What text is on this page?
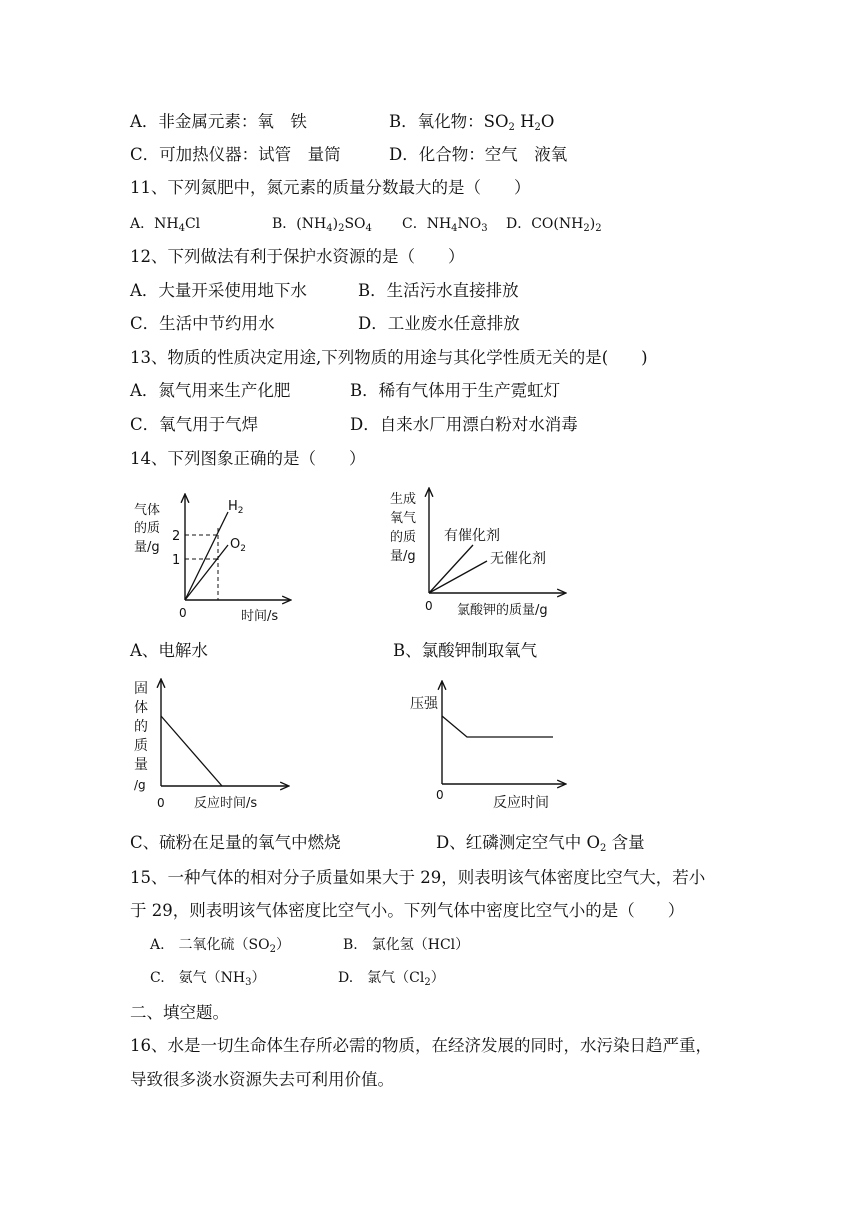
A．非金属元素：氧　铁	B．氧化物：$SO_2$ $H_2O$
C．可加热仪器：试管　量筒	D．化合物：空气　液氧
11、下列氮肥中，氮元素的质量分数最大的是（　　）
A．$NH_4Cl$	B．$(NH_4)_2SO_4$ C．$NH_4NO_3$ D．$CO(NH_2)_2$
12、下列做法有利于保护水资源的是（　　）
A．大量开采使用地下水	B．生活污水直接排放
C．生活中节约用水	D．工业废水任意排放
13、物质的性质决定用途,下列物质的用途与其化学性质无关的是(　　)
A．氮气用来生产化肥	B．稀有气体用于生产霓虹灯
C．氧气用于气焊	D．自来水厂用漂白粉对水消毒
14、下列图象正确的是（　　）
气体
的质
量/g
2
1
0	时间/s
$H_2$
$O_2$
生成
氧气
的质
量/g
有催化剂
无催化剂
0 氯酸钾的质量/g
A、电解水	B、氯酸钾制取氧气
固
体
的
质
量
/g
0 反应时间/s
压强
0	反应时间
C、硫粉在足量的氧气中燃烧	D、红磷测定空气中 $O_2$ 含量
15、一种气体的相对分子质量如果大于 29，则表明该气体密度比空气大，若小
于 29，则表明该气体密度比空气小。下列气体中密度比空气小的是（　　）
A.　二氧化硫$(SO_2)$	B.　氯化氢（HCl）
C.　氨气$(NH_3)$	D.　氯气$(Cl_2)$
二、填空题。
16、水是一切生命体生存所必需的物质，在经济发展的同时，水污染日趋严重，
导致很多淡水资源失去可利用价值。
